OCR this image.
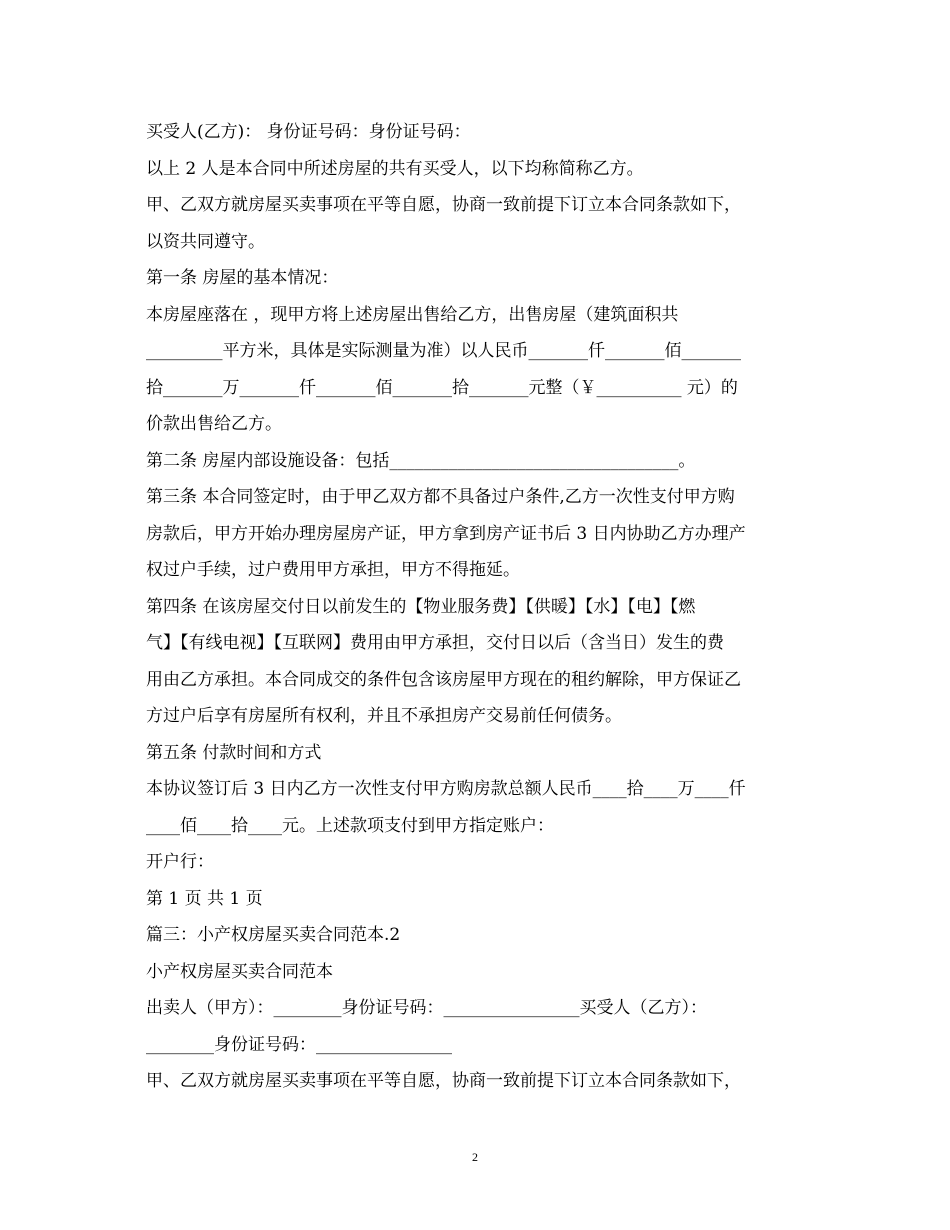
买受人(乙方)： 身份证号码：身份证号码：
以上 2 人是本合同中所述房屋的共有买受人，以下均称简称乙方。
甲、乙双方就房屋买卖事项在平等自愿，协商一致前提下订立本合同条款如下，
以资共同遵守。
第一条 房屋的基本情况：
本房屋座落在 ，现甲方将上述房屋出售给乙方，出售房屋（建筑面积共
_________平方米，具体是实际测量为准）以人民币_______仟_______佰_______
拾_______万_______仟_______佰_______拾_______元整（￥__________ 元）的
价款出售给乙方。
第二条 房屋内部设施设备：包括__________________________________。
第三条 本合同签定时，由于甲乙双方都不具备过户条件,乙方一次性支付甲方购
房款后，甲方开始办理房屋房产证，甲方拿到房产证书后 3 日内协助乙方办理产
权过户手续，过户费用甲方承担，甲方不得拖延。
第四条 在该房屋交付日以前发生的【物业服务费】【供暖】【水】【电】【燃
气】【有线电视】【互联网】费用由甲方承担，交付日以后（含当日）发生的费
用由乙方承担。本合同成交的条件包含该房屋甲方现在的租约解除，甲方保证乙
方过户后享有房屋所有权利，并且不承担房产交易前任何债务。
第五条 付款时间和方式
本协议签订后 3 日内乙方一次性支付甲方购房款总额人民币____拾____万____仟
____佰____拾____元。上述款项支付到甲方指定账户：
开户行：
第 1 页 共 1 页
篇三：小产权房屋买卖合同范本.2
小产权房屋买卖合同范本
出卖人（甲方）：________身份证号码：________________买受人（乙方）：
________身份证号码：________________
甲、乙双方就房屋买卖事项在平等自愿，协商一致前提下订立本合同条款如下，
2
